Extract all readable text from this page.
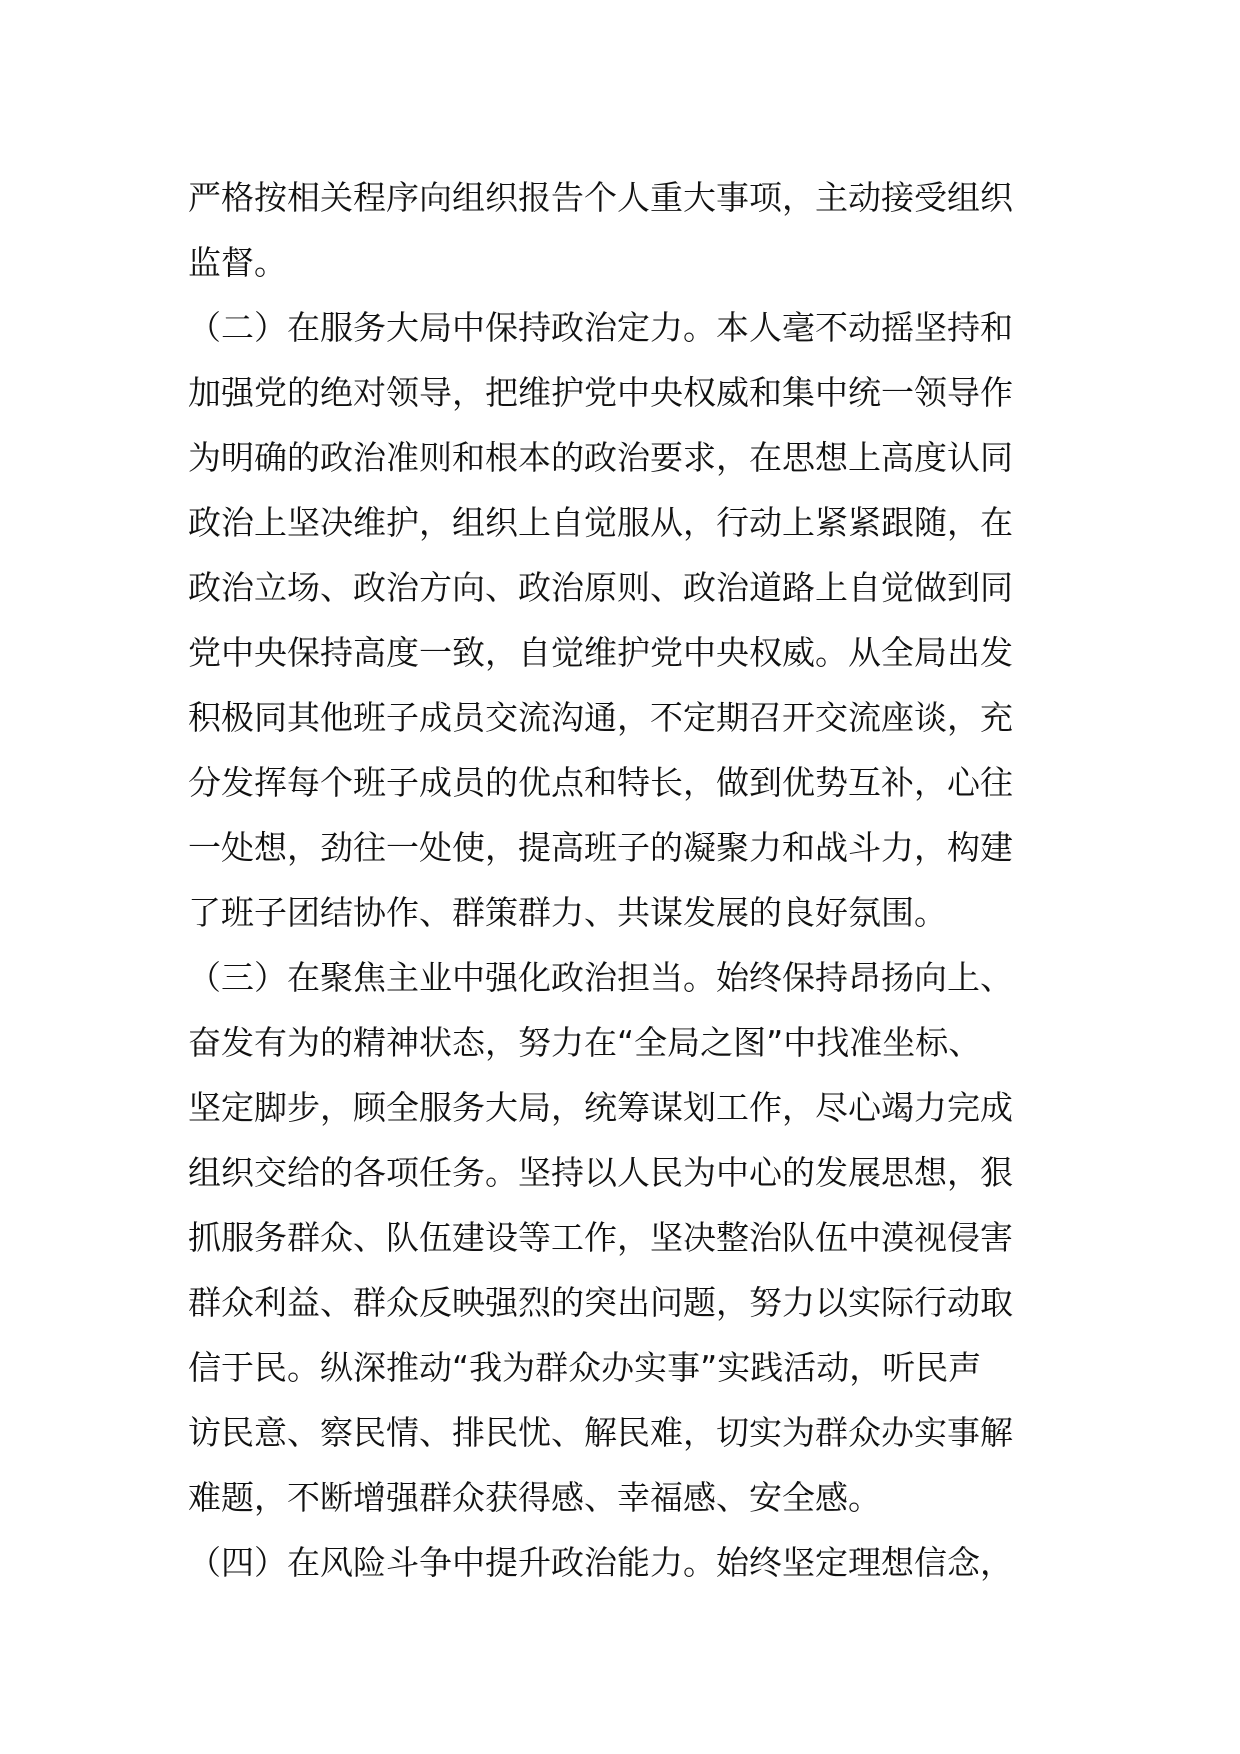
严格按相关程序向组织报告个人重大事项，主动接受组织
监督。
（二）在服务大局中保持政治定力。本人毫不动摇坚持和
加强党的绝对领导，把维护党中央权威和集中统一领导作
为明确的政治准则和根本的政治要求，在思想上高度认同
政治上坚决维护，组织上自觉服从，行动上紧紧跟随，在
政治立场、政治方向、政治原则、政治道路上自觉做到同
党中央保持高度一致，自觉维护党中央权威。从全局出发
积极同其他班子成员交流沟通，不定期召开交流座谈，充
分发挥每个班子成员的优点和特长，做到优势互补，心往
一处想，劲往一处使，提高班子的凝聚力和战斗力，构建
了班子团结协作、群策群力、共谋发展的良好氛围。
（三）在聚焦主业中强化政治担当。始终保持昂扬向上、
奋发有为的精神状态，努力在“全局之图”中找准坐标、
坚定脚步，顾全服务大局，统筹谋划工作，尽心竭力完成
组织交给的各项任务。坚持以人民为中心的发展思想，狠
抓服务群众、队伍建设等工作，坚决整治队伍中漠视侵害
群众利益、群众反映强烈的突出问题，努力以实际行动取
信于民。纵深推动“我为群众办实事”实践活动，听民声
访民意、察民情、排民忧、解民难，切实为群众办实事解
难题，不断增强群众获得感、幸福感、安全感。
（四）在风险斗争中提升政治能力。始终坚定理想信念，
